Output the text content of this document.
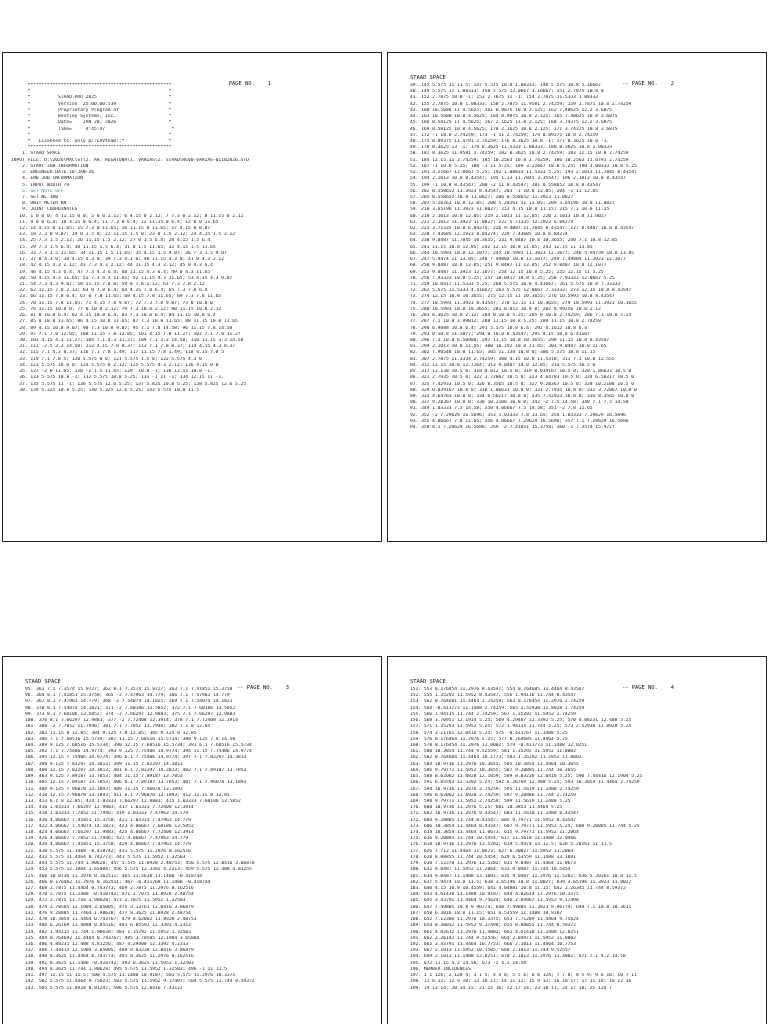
PAGE NO.    1

****************************************************
*                                                  *
*          STAAD.PRO 2025                          *
*          Version  25.00.00.539                   *
*          Proprietary Program of                  *
*          Bentley Systems, Inc.                   *
*          Date=    JAN 20, 2026                   *
*          Time=     4:45:47                        *
*                                                  *
*   Licensed to: only @::LAVteam::*                *
****************************************************
1. STAAD SPACE
INPUT FILE: D:\2026\MAC\ST\2. AR. REGATUNA\1. VARIAS\2. STAAD\REV0-VARIAS-01182026.STD
2. START JOB INFORMATION
3. ENGINEER DATE 18-JAN-26
4. END JOB INFORMATION
5. INPUT WIDTH 79
6. SET NOTE OFF
7. SET NL 300
8. UNIT METER KN
9. JOINT COORDINATES
10. 1 0 0 0; 4 11.15 0 0; 5 0 0 2.12; 6 4.15 0 2.12; 7 7.3 0 2.12; 8 11.15 0 2.12
11. 9 0 0 6.4; 10 4.15 0 6.4; 11 7.3 0 6.4; 12 11.15 0 6.4; 13 0 0 11.65
12. 14 4.15 0 11.65; 15 7.3 0 11.65; 16 11.15 0 11.65; 17 4.15 0 0.07
13. 18 7.3 0 9.07; 19 0 1.5 0; 22 11.15 1.5 0; 23 0 1.5 2.12; 24 4.15 1.5 2.12
14. 25 7.3 1.5 2.12; 26 11.15 1.5 2.12; 27 0 1.5 6.4; 28 4.15 1.5 6.4
15. 29 7.3 1.5 6.4; 30 11.15 1.5 6.4; 31 0 1.5 11.65; 32 4.15 1.5 11.65
16. 33 7.3 1.5 11.65; 34 11.15 1.5 11.65; 35 4.15 1.5 9.07; 36 7.3 1.5 9.07
17. 37 0 4.3 0; 38 4.15 4.3 0; 39 7.3 4.3 0; 40 11.15 4.3 0; 41 0 4.3 2.12
18. 42 4.15 4.3 2.12; 43 7.3 4.3 2.12; 44 11.15 4.3 2.12; 45 0 4.3 6.4
19. 46 4.15 4.3 6.4; 47 7.3 4.3 6.4; 48 11.15 4.3 6.4; 49 0 4.3 11.65
20. 50 4.15 4.3 11.65; 51 7.3 4.3 11.65; 52 11.15 4.3 11.65; 53 4.15 4.3 9.07
21. 54 7.3 4.3 9.07; 58 11.15 7.8 0; 59 0 7.8 2.12; 61 7.3 7.8 2.12
22. 62 11.15 7.8 2.12; 63 0 7.8 6.4; 64 4.15 7.8 6.4; 65 7.3 7.8 6.4
23. 66 11.15 7.8 6.4; 67 0 7.8 11.65; 68 4.15 7.8 11.65; 69 7.3 7.8 11.65
24. 70 11.15 7.8 11.65; 71 4.15 7.8 9.07; 72 7.3 7.8 9.07; 73 0 10.8 0
25. 76 11.15 10.8 0; 77 0 10.8 2.12; 79 7.3 10.8 2.12; 80 11.15 10.8 2.12
26. 81 0 10.8 6.4; 82 4.15 10.8 6.4; 83 7.3 10.8 6.4; 84 11.15 10.8 6.4
27. 85 0 10.8 11.65; 86 4.15 10.8 11.65; 87 7.3 10.8 11.65; 88 11.15 10.8 11.65
28. 89 4.15 10.8 9.07; 90 7.3 10.8 9.07; 95 7.1 7.8 14.58; 96 11.15 7.8 14.58
29. 97 7.1 7.8 12.85; 100 11.15 7.8 12.85; 101 4.15 7.8 11.27; 102 7.1 7.8 11.27
30. 103 4.15 4.3 11.27; 104 7.1 4.3 11.27; 109 7.1 3.3 14.58; 110 11.15 3.3 14.58
31. 111 -2.5 3.3 14.58; 112 4.15 7.8 8.37; 113 7.1 7.8 8.37; 114 4.15 4.3 8.37
32. 115 7.1 4.3 8.37; 116 7.1 7.8 1.49; 117 11.15 7.8 1.49; 118 4.15 7.8 5
33. 119 7.1 7.8 5; 120 5.575 0 0; 121 5.575 1.5 0; 122 5.575 4.3 0
34. 123 5.575 10.8 0; 124 5.575 0 2.12; 125 5.575 4.3 2.12; 126 4.15 0 0
35. 127 -2 0 11.65; 128 -2 1.5 11.65; 129 -10.8 -1; 130 12.15 10.8 -1.
36. 133 5.575 10.8 -1; 132 5.575 10.8 5.25; 131 -1 11 -1; 134 12.15 11 -1.
37. 135 5.575 11 -1; 136 5.575 12.6 5.25; 137 5.825 10.8 5.25; 138 5.825 12.6 5.25
38. 139 5.325 10.8 5.25; 140 5.325 12.6 5.25; 143 5.575 10.8 11.5

STAAD SPACE

-- PAGE NO.    2

39. 145 5.575 11 11.5; 147 5.575 10.8 1.08333; 148 5.575 10.8 5.16667
40. 149 5.575 11 1.08333; 150 5.575 12.0667 3.16667; 151 2.7875 10.8 0
41. 152 2.7875 10.8 -1; 153 2.7875 11 -1; 154 2.7875 11.5333 1.08333
42. 155 2.7875 10.8 1.08333; 158 2.7875 11.9581 2.74259; 159 2.7875 10.8 2.74259
43. 160 10.5688 11 4.5625; 161 8.9875 10.8 2.125; 162 7.40625 12.2 3.6875
44. 163 10.5688 10.8 4.5625; 164 8.9875 10.8 2.125; 165 7.40625 10.8 3.6875
45. 166 0.58125 11 4.5625; 167 2.1625 11.8 2.125; 168 3.74375 12.2 3.6875
46. 169 0.58125 10.8 4.5625; 170 2.1625 10.8 2.125; 171 3.74375 10.8 3.6875
47. 172 -1 10.8 2.74259; 173 -1 11 2.74259; 174 0.89375 10.8 2.74259
48. 175 0.89375 11.4791 2.74259; 176 8.3625 10.8 -1; 177 8.3625 10.8 -1.
49. 178 8.3625 13 -1; 179 8.3625 11.5333 1.08333; 180 8.3625 10.8 1.08333
50. 181 8.3625 11.9581 2.74259; 182 8.3625 10.8 2.74259; 183 12.15 10.8 2.74259
51. 184 12.15 11 2.74259; 185 10.2563 10.8 2.74259; 186 10.2563 11.6791 2.74259
52. 187 -1 10.8 5.25; 188 -1 11 5.25; 189 3.21667 10.8 5.25; 190 1.08333 10.8 5.25
53. 191 3.21667 12.0667 5.25; 192 1.08833 11.5333 5.25; 193 2.1013 11.7845 8.43547
54. 194 2.1013 10.8 8.43547; 195 1.13 11.7845 3.35547; 196 2.1013 10.8 8.43547
55. 199 -1 10.8 8.43547; 200 -1 11 8.43547; 201 0.558652 10.8 8.43547
56. 202 0.558652 11.3923 8.43547; 203 -1 10.8 12.05; 204 -1 11 12.05
57. 205 0.558652 10.8 11.0027; 206 0.558652 11.3923 11.0027
58. 207 5.20261 10.8 12.05; 208 5.20261 11 12.05; 209 3.65196 10.8 11.0027
59. 210 3.65196 11.3923 11.0027; 213 4.15 10.8 11.15; 215 7.1 10.8 11.15
60. 218 2.1013 10.8 12.05; 219 2.1013 11 12.05; 220 2.1013 10.8 11.0027
61. 221 2.1013 11.3923 11.0027; 222 5.71335 12.2923 6.84274
62. 223 3.71335 10.8 6.84274; 226 9.4087 11.7845 8.43547; 227 0.4487 10.8 8.43547
63. 228 7.43685 12.1923 8.84274; 229 7.43685 10.8 6.84274
64. 230 9.0487 11.7845 10.3655; 231 9.0487 10.8 10.3655; 240 7.1 10.8 12.85
65. 241 11.15 10.8 12.85; 242 12.15 10.8 11.85; 243 12.15 11 13.85
66. 244 10.5993 10.8 12.1077; 245 10.5993 11.3923 12.1077; 246 5.94739 10.8 13.85
67. 247 5.9474 11 13.85; 248 7.49804 10.8 12.1077; 249 7.49804 11.3923 12.1077
68. 250 9.0487 10.8 13.85; 251 9.0487 11 13.85; 252 9.0487 10.8 12.1077
69. 253 9.0487 11.3923 12.1077; 254 12.15 10.8 5.25; 255 12.15 11 5.25
70. 256 7.93333 10.8 5.25; 257 10.0417 10.8 5.25; 258 7.93333 12.0667 5.25
71. 259 10.0417 11.5333 5.25; 260 5.575 10.8 4.41667; 261 5.575 10.8 7.33333
72. 262 5.575 11.5333 4.41667; 263 5.575 12.0667 7.33333; 273 12.15 10.8 8.43547
73. 274 12.15 10.8 10.3655; 275 12.15 11 10.3655; 276 10.5993 10.8 8.43547
74. 277 10.5993 11.3923 8.43547; 278 12.15 11 10.3655; 279 10.5993 11.3923 10.3655
75. 280 10.5993 10.8 10.3655; 281 0.012 10.8 0; 282 8.99256 10.8 2.12
76. 283 8.3625 10.8 2.12; 284 0 10.8 5.25; 285 0 10.8 2.74259; 286 7.1 10.8 5.25
77. 287 7.1 10.8 3.99012; 288 11.15 10.8 5.25; 289 11.15 10.8 2.74259
78. 290 6.9888 10.8 6.4; 291 5.575 10.8 6.4; 292 4.1612 10.8 6.4
79. 293 0 10.8 11.5877; 294 0 10.8 8.43547; 295 4.15 10.8 6.41107
80. 296 7.1 10.8 6.50988; 297 11.15 10.8 10.3655; 298 11.15 10.8 8.43547
81. 299 2.1013 10.8 11.65; 300 10.192 10.8 11.65; 301 9.0487 10.8 11.65
82. 302 7.90548 10.8 11.65; 305 11.138 10.8 0; 306 5.575 10.8 11.15
83. 307 2.7875 11.3334 2.74259; 308 4.15 10.8 11.5318; 311 7.1 10.8 12.555
84. 312 11.15 10.8 12.7264; 313 9.0487 10.8 12.85; 314 5.575 10.5 0
85. 317 11.138 10.5 0; 318 0.012 10.5 0; 319 0.039167 10.5 0; 320 1.86633 10.5 0
86. 321 2.7935 10.5 0; 322 3.72067 10.5 0; 323 4.64783 10.5 0; 324 6.50217 10.5 0
87. 325 7.42933 10.5 0; 326 8.3565 10.5 0; 327 9.28367 10.5 0; 328 10.2108 10.5 0
88. 329 0.039167 10.8 0; 330 1.86633 10.8 0; 331 2.7935 10.8 0; 332 3.72067 10.8 0
89. 333 4.64783 10.8 0; 334 6.50217 10.8 0; 335 7.42933 10.8 0; 336 8.3565 10.8 0
90. 337 9.28367 10.8 0; 338 10.2108 10.8 0; 342 -2 7.5 14.58; 340 7.1 7.5 14.58
91. 349 1.03333 7.5 14.58; 350 4.06667 7.5 14.58; 351 -2 7.8 11.65
92. 352 -2 7.29629 16.5696; 353 1.03333 7.8 13.65; 354 1.03333 7.29629 16.5696
93. 355 4.06667 7.8 11.65; 356 4.06667 7.29629 16.5696; 357 7.1 7.29629 16.5696
94. 358 8.1 7.29629 16.5696; 359 -2 7.41851 15.3758; 360 -2 7.3574 15.9727

STAAD SPACE

-- PAGE NO.    3

95. 361 7.1 7.3574 15.9727; 362 8.1 7.3574 15.9727; 363 7.1 7.41851 15.3758
96. 364 8.1 7.41851 15.3758; 365 -2 7.47963 14.779; 366 7.1 7.47963 14.779
97. 367 8.1 7.47963 14.779; 368 -2 7.54074 14.1821; 369 7.1 7.54074 14.1821
98. 370 8.1 7.54074 14.1821; 371 -2 7.60186 13.5852; 372 7.1 7.60186 13.5852
99. 373 8.1 7.60186 13.5852; 374 -2 7.66297 12.9883; 375 7.1 7.66297 12.9883
100. 376 8.1 7.66297 12.9883; 377 -2 7.72408 12.3914; 378 7.1 7.72408 12.3914
101. 380 -2 7.7852 11.7946; 381 7.1 7.7852 11.7946; 382 7.1 8 12.85
102. 383 11.15 8 12.85; 384 9.125 7.8 12.85; 385 9.125 8 12.85
103. 386 7.1 7.68516 15.5734; 387 11.15 7.68516 15.5734; 388 9.125 7.8 14.58
104. 389 9.125 7.68516 15.5734; 390 12.15 7.68516 15.5734; 391 6.1 7.68516 15.5734
105. 392 7.1 7.75406 14.9774; 393 9.125 7.75406 14.9774; 394 11.15 7.75406 14.9774
106. 395 12.15 7.75406 14.9774; 396 6.1 7.75406 14.9774; 397 7.1 7.82297 14.3813
107. 398 9.125 7.82297 14.3813; 399 11.15 7.82297 14.3813
108. 400 12.15 7.82297 14.3813; 401 6.1 7.82297 14.3813; 402 7.1 7.89187 13.7853
109. 403 9.125 7.89187 13.7853; 404 11.15 7.89187 13.7853
110. 405 12.15 7.89187 13.7853; 406 6.1 7.89187 13.7853; 407 7.1 7.96078 13.1893
111. 408 9.125 7.96078 13.1893; 409 11.15 7.96078 13.1893
112. 410 12.15 7.96078 13.1893; 411 6.1 7.96078 13.1893; 412 12.15 8 12.85
113. 413 6.1 8 12.85; 414 1.03333 7.66297 12.9883; 415 1.03333 7.60186 13.5852
114. 416 1.03333 7.66297 12.9883; 417 1.03333 7.72408 12.3914
115. 418 1.03333 7.7852 11.7946; 419 1.03333 7.47963 14.779
116. 420 4.06667 7.41851 15.3758; 421 1.03333 7.47963 14.779
117. 422 4.06667 7.54074 14.1821; 423 4.06667 7.60186 13.5852
118. 424 4.06667 7.66297 12.9883; 425 4.06667 7.72408 12.3914
119. 426 4.06667 7.7852 11.7946; 427 4.06667 7.47963 14.779
120. 428 4.06667 7.41851 15.3758; 429 4.06667 7.47963 14.779
121. 430 5.575 11.1488 -0.418742; 431 5.575 11.2976 0.162516
122. 432 5.575 11.4464 0.743773; 441 5.575 11.5952 1.32503
123. 444 5.575 11.744 1.90628; 447 5.575 11.8928 2.48753; 450 5.575 12.0416 3.06878
124. 453 5.575 12.1904 3.65004; 456 5.575 12.3392 4.2313; 459 5.575 12.488 4.81255
125. 460 10.0736 11.2976 0.162511; 465 11.5638 11.1488 -0.418744
126. 466 0.176462 11.2976 0.162511; 467 -0.411768 11.1488 -0.418744
127. 468 2.7875 11.4464 0.743773; 469 2.7875 11.2976 0.162516
128. 470 2.7875 11.1488 -0.418742; 471 2.7875 11.8928 2.48754
129. 472 2.7875 11.744 1.90628; 473 2.7875 11.5952 1.32503
130. 474 3.70585 12.1904 3.65005; 475 3.13761 12.0416 3.06879
131. 476 9.20885 11.7464 1.90628; 477 8.3625 11.8928 2.48754
132. 478 10.3854 11.4464 0.743767; 479 8.62062 11.8928 2.48753
133. 480 6.26769 11.4888 0.85516; 481 6.85592 12.3392 4.2313
134. 482 1.94115 11.744 1.90628; 483 1.35292 11.5952 1.32503
135. 484 0.764692 11.4464 0.743767; 485 3.70585 12.1904 3.65004
136. 486 4.88231 12.488 4.81256; 487 4.29408 12.3392 4.2313
137. 488 7.44415 12.1904 3.65005; 489 8.03238 12.0416 3.06879
138. 490 8.3625 11.4464 0.743773; 491 8.3625 11.2976 0.162516
139. 492 8.3625 11.1488 -0.418742; 493 8.3625 11.5952 1.32503
140. 494 8.3625 11.744 1.90628; 495 5.575 11.5952 1.32503; 496 -1 11 11.5
141. 497 12.15 11 11.5; 500 5.575 11.1488 10.9187; 501 5.575 11.2976 10.3375
142. 502 5.575 11.4464 9.75623; 503 5.575 11.5952 9.17497; 504 5.575 11.744 8.59372
143. 505 5.575 11.8928 8.01247; 506 5.575 12.0416 7.43122

STAAD SPACE

-- PAGE NO.    4

151. 553 0.176454 11.2976 8.43547; 554 0.764685 11.4464 8.43547
152. 555 1.35292 11.5952 8.43547; 556 1.94116 11.744 8.43547
153. 562 0.764681 11.4464 2.74259; 563 0.176454 11.2976 2.74259
154. 564 -0.411773 11.1488 2.74259; 565 2.52938 11.8928 2.74259
155. 566 1.94115 11.744 2.74259; 567 1.35292 11.5952 2.74259
156. 568 3.70951 12.1914 5.25; 569 4.29407 12.3392 5.25; 570 4.88231 12.488 5.25
157. 571 1.35293 11.5952 5.25; 572 1.94115 11.744 5.25; 573 2.52938 11.8928 5.25
158. 574 3.11761 12.0416 5.25; 575 -0.411767 11.1488 5.25
159. 576 0.176464 11.2976 5.25; 577 0.764685 11.4464 5.25
160. 578 0.176454 11.2976 11.0002; 579 -0.411773 11.1488 12.0251
161. 580 10.3854 11.744 9.52559; 581 1.35292 11.5952 11.0002
162. 582 0.764684 11.4464 10.1773; 583 1.35292 11.5952 11.0002
163. 584 10.9736 11.2976 10.3655; 585 10.3854 11.4464 10.3655
164. 586 9.79771 11.5952 10.3655; 587 9.20885 11.744 10.3655
165. 588 8.62062 11.8928 12.1059; 589 8.03238 12.0416 5.25; 590 7.44416 12.1904 5.25
166. 591 6.85593 12.3392 5.25; 592 6.26769 12.488 5.25; 593 10.3854 11.4464 2.74259
167. 594 10.9736 11.2976 2.74259; 595 11.5619 11.1488 2.74259
168. 596 8.62062 11.8928 2.74259; 597 9.20886 11.744 2.74259
169. 598 9.79771 11.5952 2.74259; 599 11.5619 11.1488 5.25
170. 600 10.9736 11.2976 5.25; 601 10.3853 11.4464 5.25
171. 602 10.9736 11.2976 8.43547; 603 11.5618 11.1488 8.43547
172. 604 9.20885 11.744 8.43547; 605 9.79771 11.5952 8.43547
173. 606 10.3854 11.4464 8.43547; 607 9.79771 11.5952 5.25; 608 9.20885 11.744 5.25
174. 614 10.3854 11.4464 11.0673; 615 9.79771 11.5952 11.2064
175. 616 9.20885 11.744 10.5454; 617 11.5618 11.1488 12.0466
176. 618 10.9736 11.2976 12.5282; 619 5.9474 13 11.5; 620 5.20261 11 11.5
177. 626 7.712 11.4464 11.0673; 627 6.30027 11.5952 11.2064
178. 628 8.88855 11.744 10.5454; 629 6.53559 11.1488 13.1091
179. 630 7.12378 11.2976 12.5282; 631 9.0487 11.4464 11.0673
180. 632 9.0487 11.5952 11.2064; 633 9.0487 11.744 10.5454
181. 634 9.0487 11.1488 13.1091; 635 9.0487 11.2976 12.5282; 636 5.20261 10.8 11.5
182. 637 5.9474 10.8 11.5; 638 3.65196 10.8 11.0027; 639 3.65196 11.3923 11.0027
183. 640 4.15 10.8 10.4559; 641 4.04881 10.8 11.15; 642 2.26345 11.744 8.59372
184. 643 4.61438 11.1488 10.9187; 644 4.02614 11.2976 10.3375
185. 645 3.43791 11.4464 9.75624; 646 2.84967 11.5952 9.17498
186. 647 7.49805 10.8 9.96774; 648 7.49805 11.3923 9.96774; 649 7.1 10.8 10.3611
187. 650 6.3016 10.8 11.15; 651 6.53559 11.1488 10.9187
188. 652 7.12386 11.2976 10.3375; 653 7.71209 11.4464 9.75624
189. 654 8.30032 11.5952 9.17498; 655 8.88855 11.744 8.59372
190. 661 4.02612 11.2976 11.4002; 662 4.61438 11.1488 12.0251
191. 662 2.26142 11.744 9.52556; 664 2.84971 11.5952 11.0002
192. 665 3.43791 11.4464 10.7753; 666 2.1013 11.4464 10.7753
193. 667 2.1013 11.5952 10.1505; 668 2.1013 11.744 9.52557
194. 669 2.1013 11.1488 12.0251; 670 2.1013 11.2976 11.4002; 671 7.1 4.2 14.58
195. 672 11.15 4.2 14.58; 673 -2 4.2 14.58
196. MEMBER INCIDENCES
197. 1 1 126; 2 120 4; 3 1 5; 4 4 8; 5 5 6; 6 6 124; 7 7 8; 8 5 9; 9 6 10; 10 7 11
198. 11 8 12; 12 9 10; 13 10 11; 14 11 12; 15 9 13; 16 10 17; 17 11 18; 18 12 16
199. 19 13 14; 20 14 15; 21 15 16; 22 17 14; 23 18 11; 24 17 18; 25 124 7
